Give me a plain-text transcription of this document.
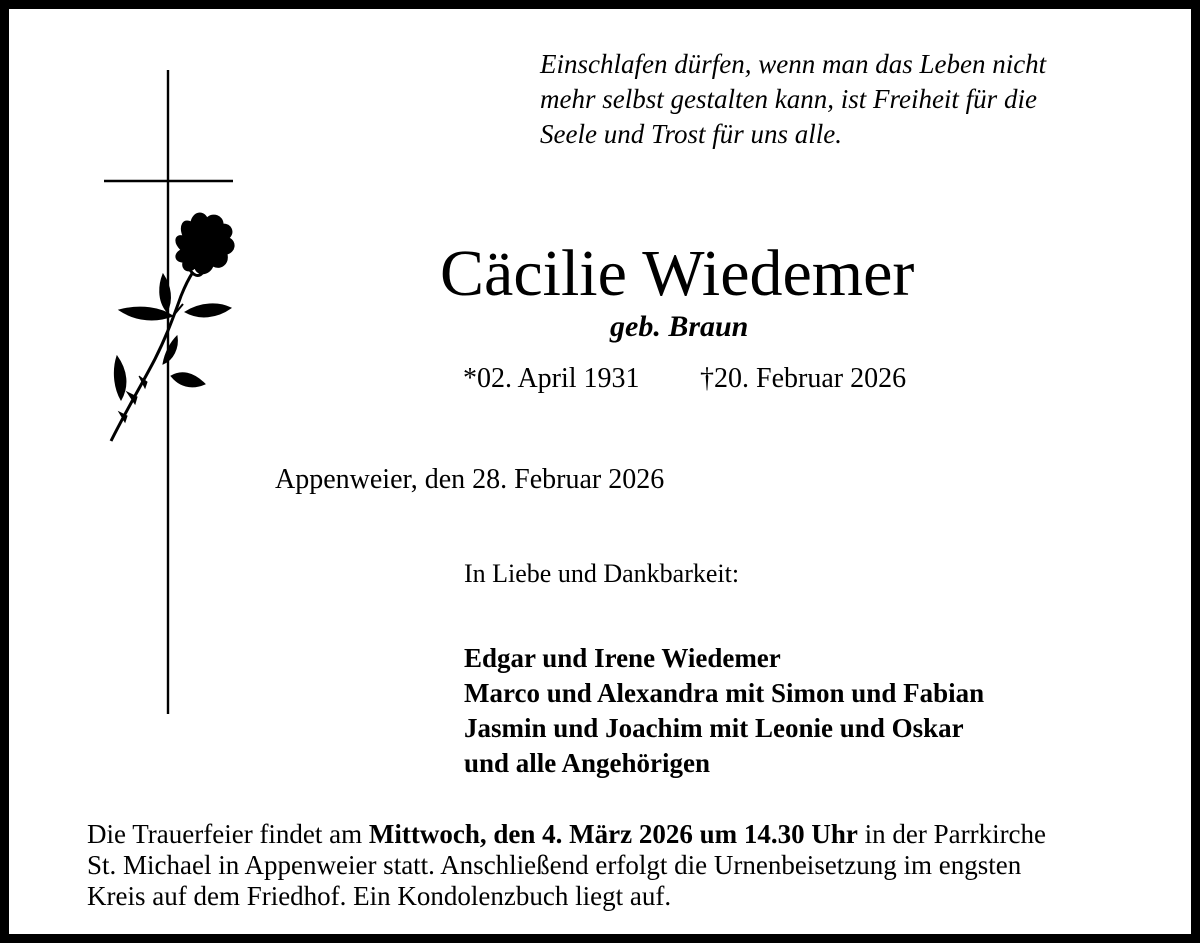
Einschlafen dürfen, wenn man das Leben nicht
mehr selbst gestalten kann, ist Freiheit für die
Seele und Trost für uns alle.
Cäcilie Wiedemer
geb. Braun
*02. April 1931 †20. Februar 2026
Appenweier, den 28. Februar 2026
In Liebe und Dankbarkeit:
Edgar und Irene Wiedemer
Marco und Alexandra mit Simon und Fabian
Jasmin und Joachim mit Leonie und Oskar
und alle Angehörigen
Die Trauerfeier findet am Mittwoch, den 4. März 2026 um 14.30 Uhr in der Parrkirche
St. Michael in Appenweier statt. Anschließend erfolgt die Urnenbeisetzung im engsten
Kreis auf dem Friedhof. Ein Kondolenzbuch liegt auf.
